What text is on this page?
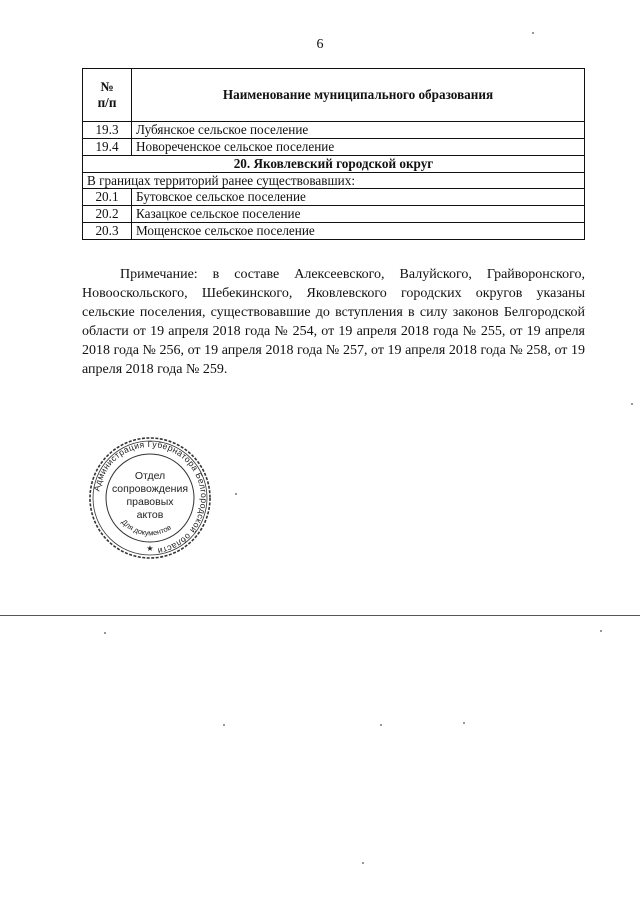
6
№
п/п	Наименование муниципального образования
19.3	Лубянское сельское поселение
19.4	Новореченское сельское поселение
20. Яковлевский городской округ	
В границах территорий ранее существовавших:	
20.1	Бутовское сельское поселение
20.2	Казацкое сельское поселение
20.3	Мощенское сельское поселение

Примечание: в составе Алексеевского, Валуйского, Грайворонского, Новооскольского, Шебекинского, Яковлевского городских округов указаны сельские поселения, существовавшие до вступления в силу законов Белгородской области от 19 апреля 2018 года № 254, от 19 апреля 2018 года № 255, от 19 апреля 2018 года № 256, от 19 апреля 2018 года № 257, от 19 апреля 2018 года № 258, от 19 апреля 2018 года № 259.

Администрация Губернатора Белгородской области
Для документов
★
Отдел
сопровождения
правовых
актов
